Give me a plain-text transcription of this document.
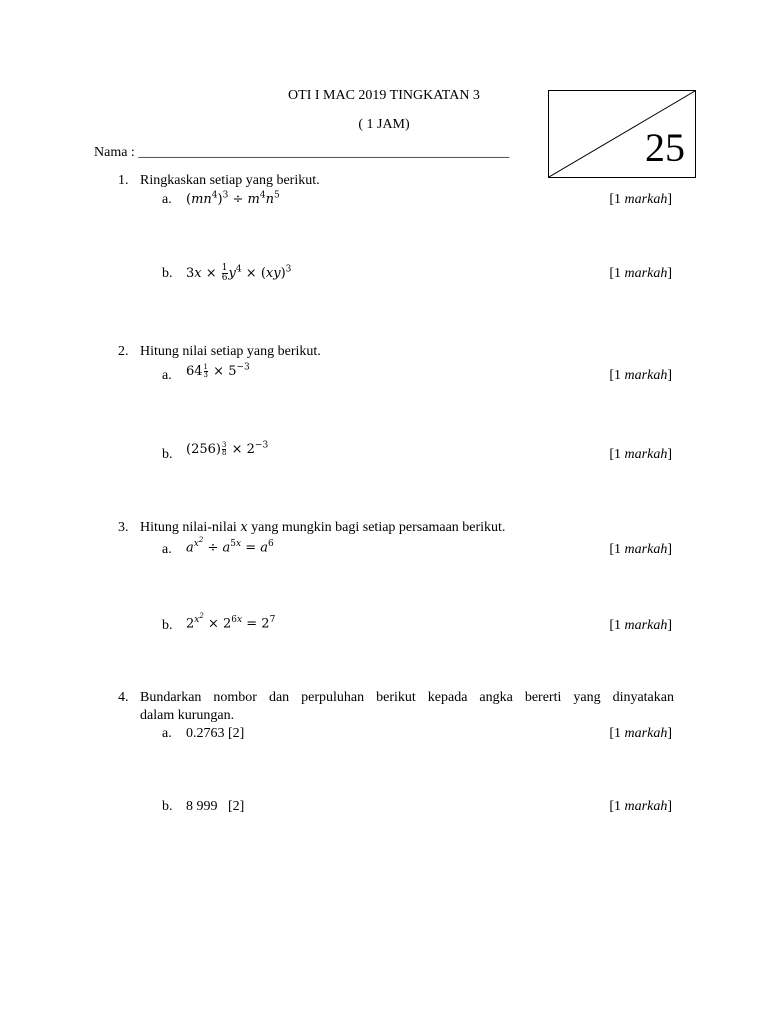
OTI I MAC 2019 TINGKATAN 3
( 1 JAM)
Nama : _____________________________________________________	25
1. Ringkaskan setiap yang berikut.
a. $(mn^4)^3 \div m^4n^5$	[1 markah]
b. $3x \times \frac{1}{6} y^4 \times (xy)^3$	[1 markah]
2. Hitung nilai setiap yang berikut.
a. $64 \frac{1}{3} \times 5^{-3}$
[1 markah]
b. $(256) \frac{3}{8} \times 2^{-3}$
[1 markah]
3. Hitung nilai-nilai x yang mungkin bagi setiap persamaan berikut.
a. $a^{x^2} \div a^{5x} = a^6$	[1 markah]
b. $2^{x^2} \times 2^{6x} = 2^7$	[1 markah]
4. Bundarkan nombor dan perpuluhan berikut kepada angka bererti yang dinyatakan
dalam kurungan.
a. 0.2763 [2]	[1 markah]
b. 8 999   [2]	[1 markah]
